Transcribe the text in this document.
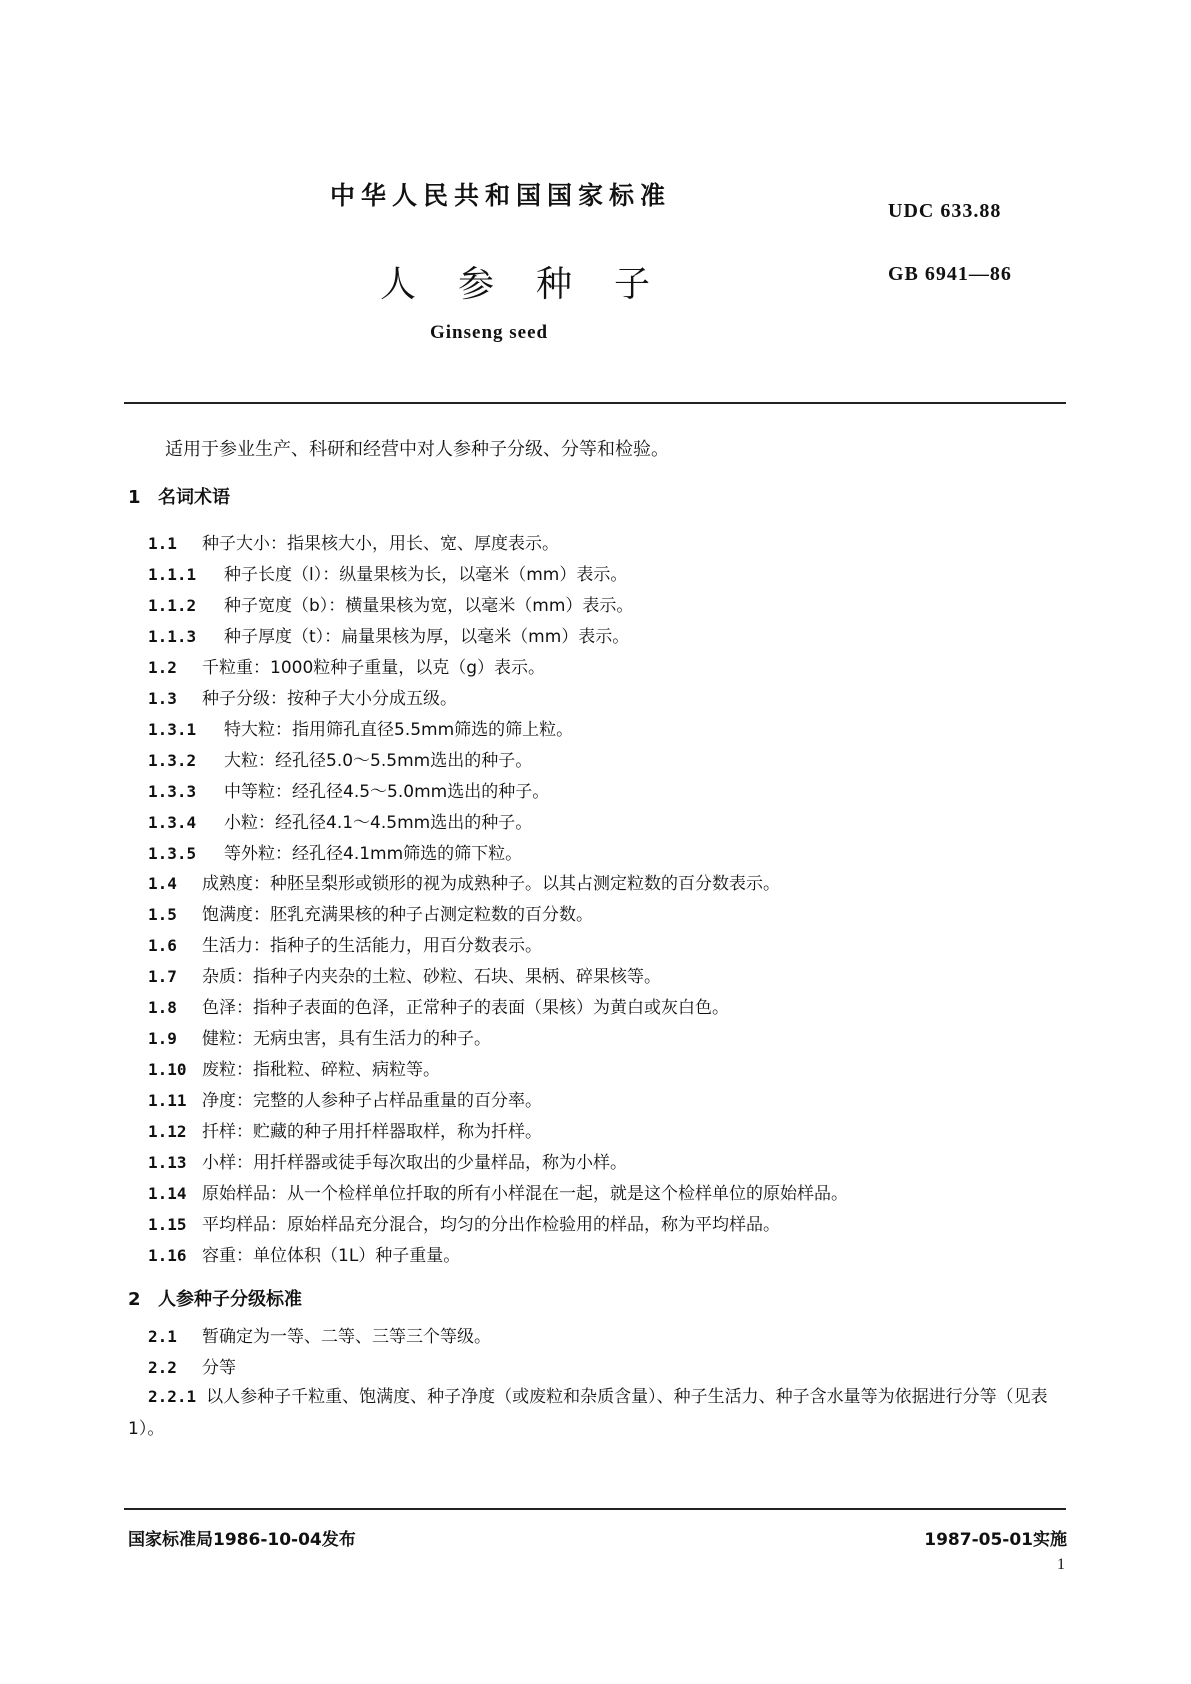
中华人民共和国国家标准
UDC 633.88
人参种子	GB 6941—86
Ginseng seed
适用于参业生产、科研和经营中对人参种子分级、分等和检验。
1 名词术语
1.1 种子大小：指果核大小，用长、宽、厚度表示。
1.1.1 种子长度（l）：纵量果核为长，以毫米（mm）表示。
1.1.2 种子宽度（b）：横量果核为宽，以毫米（mm）表示。
1.1.3 种子厚度（t）：扁量果核为厚，以毫米（mm）表示。
1.2 千粒重：1000粒种子重量，以克（g）表示。
1.3 种子分级：按种子大小分成五级。
1.3.1 特大粒：指用筛孔直径5.5mm筛选的筛上粒。
1.3.2 大粒：经孔径5.0～5.5mm选出的种子。
1.3.3 中等粒：经孔径4.5～5.0mm选出的种子。
1.3.4 小粒：经孔径4.1～4.5mm选出的种子。
1.3.5 等外粒：经孔径4.1mm筛选的筛下粒。
1.4 成熟度：种胚呈梨形或锁形的视为成熟种子。以其占测定粒数的百分数表示。
1.5 饱满度：胚乳充满果核的种子占测定粒数的百分数。
1.6 生活力：指种子的生活能力，用百分数表示。
1.7 杂质：指种子内夹杂的土粒、砂粒、石块、果柄、碎果核等。
1.8 色泽：指种子表面的色泽，正常种子的表面（果核）为黄白或灰白色。
1.9 健粒：无病虫害，具有生活力的种子。
1.10 废粒：指秕粒、碎粒、病粒等。
1.11 净度：完整的人参种子占样品重量的百分率。
1.12 扦样：贮藏的种子用扦样器取样，称为扦样。
1.13 小样：用扦样器或徒手每次取出的少量样品，称为小样。
1.14 原始样品：从一个检样单位扦取的所有小样混在一起，就是这个检样单位的原始样品。
1.15 平均样品：原始样品充分混合，均匀的分出作检验用的样品，称为平均样品。
1.16 容重：单位体积（1L）种子重量。
2 人参种子分级标准
2.1 暂确定为一等、二等、三等三个等级。
2.2 分等
2.2.1 以人参种子千粒重、饱满度、种子净度（或废粒和杂质含量）、种子生活力、种子含水量等为依据进行分等（见表1）。
国家标准局1986-10-04发布	1987-05-01实施
1
